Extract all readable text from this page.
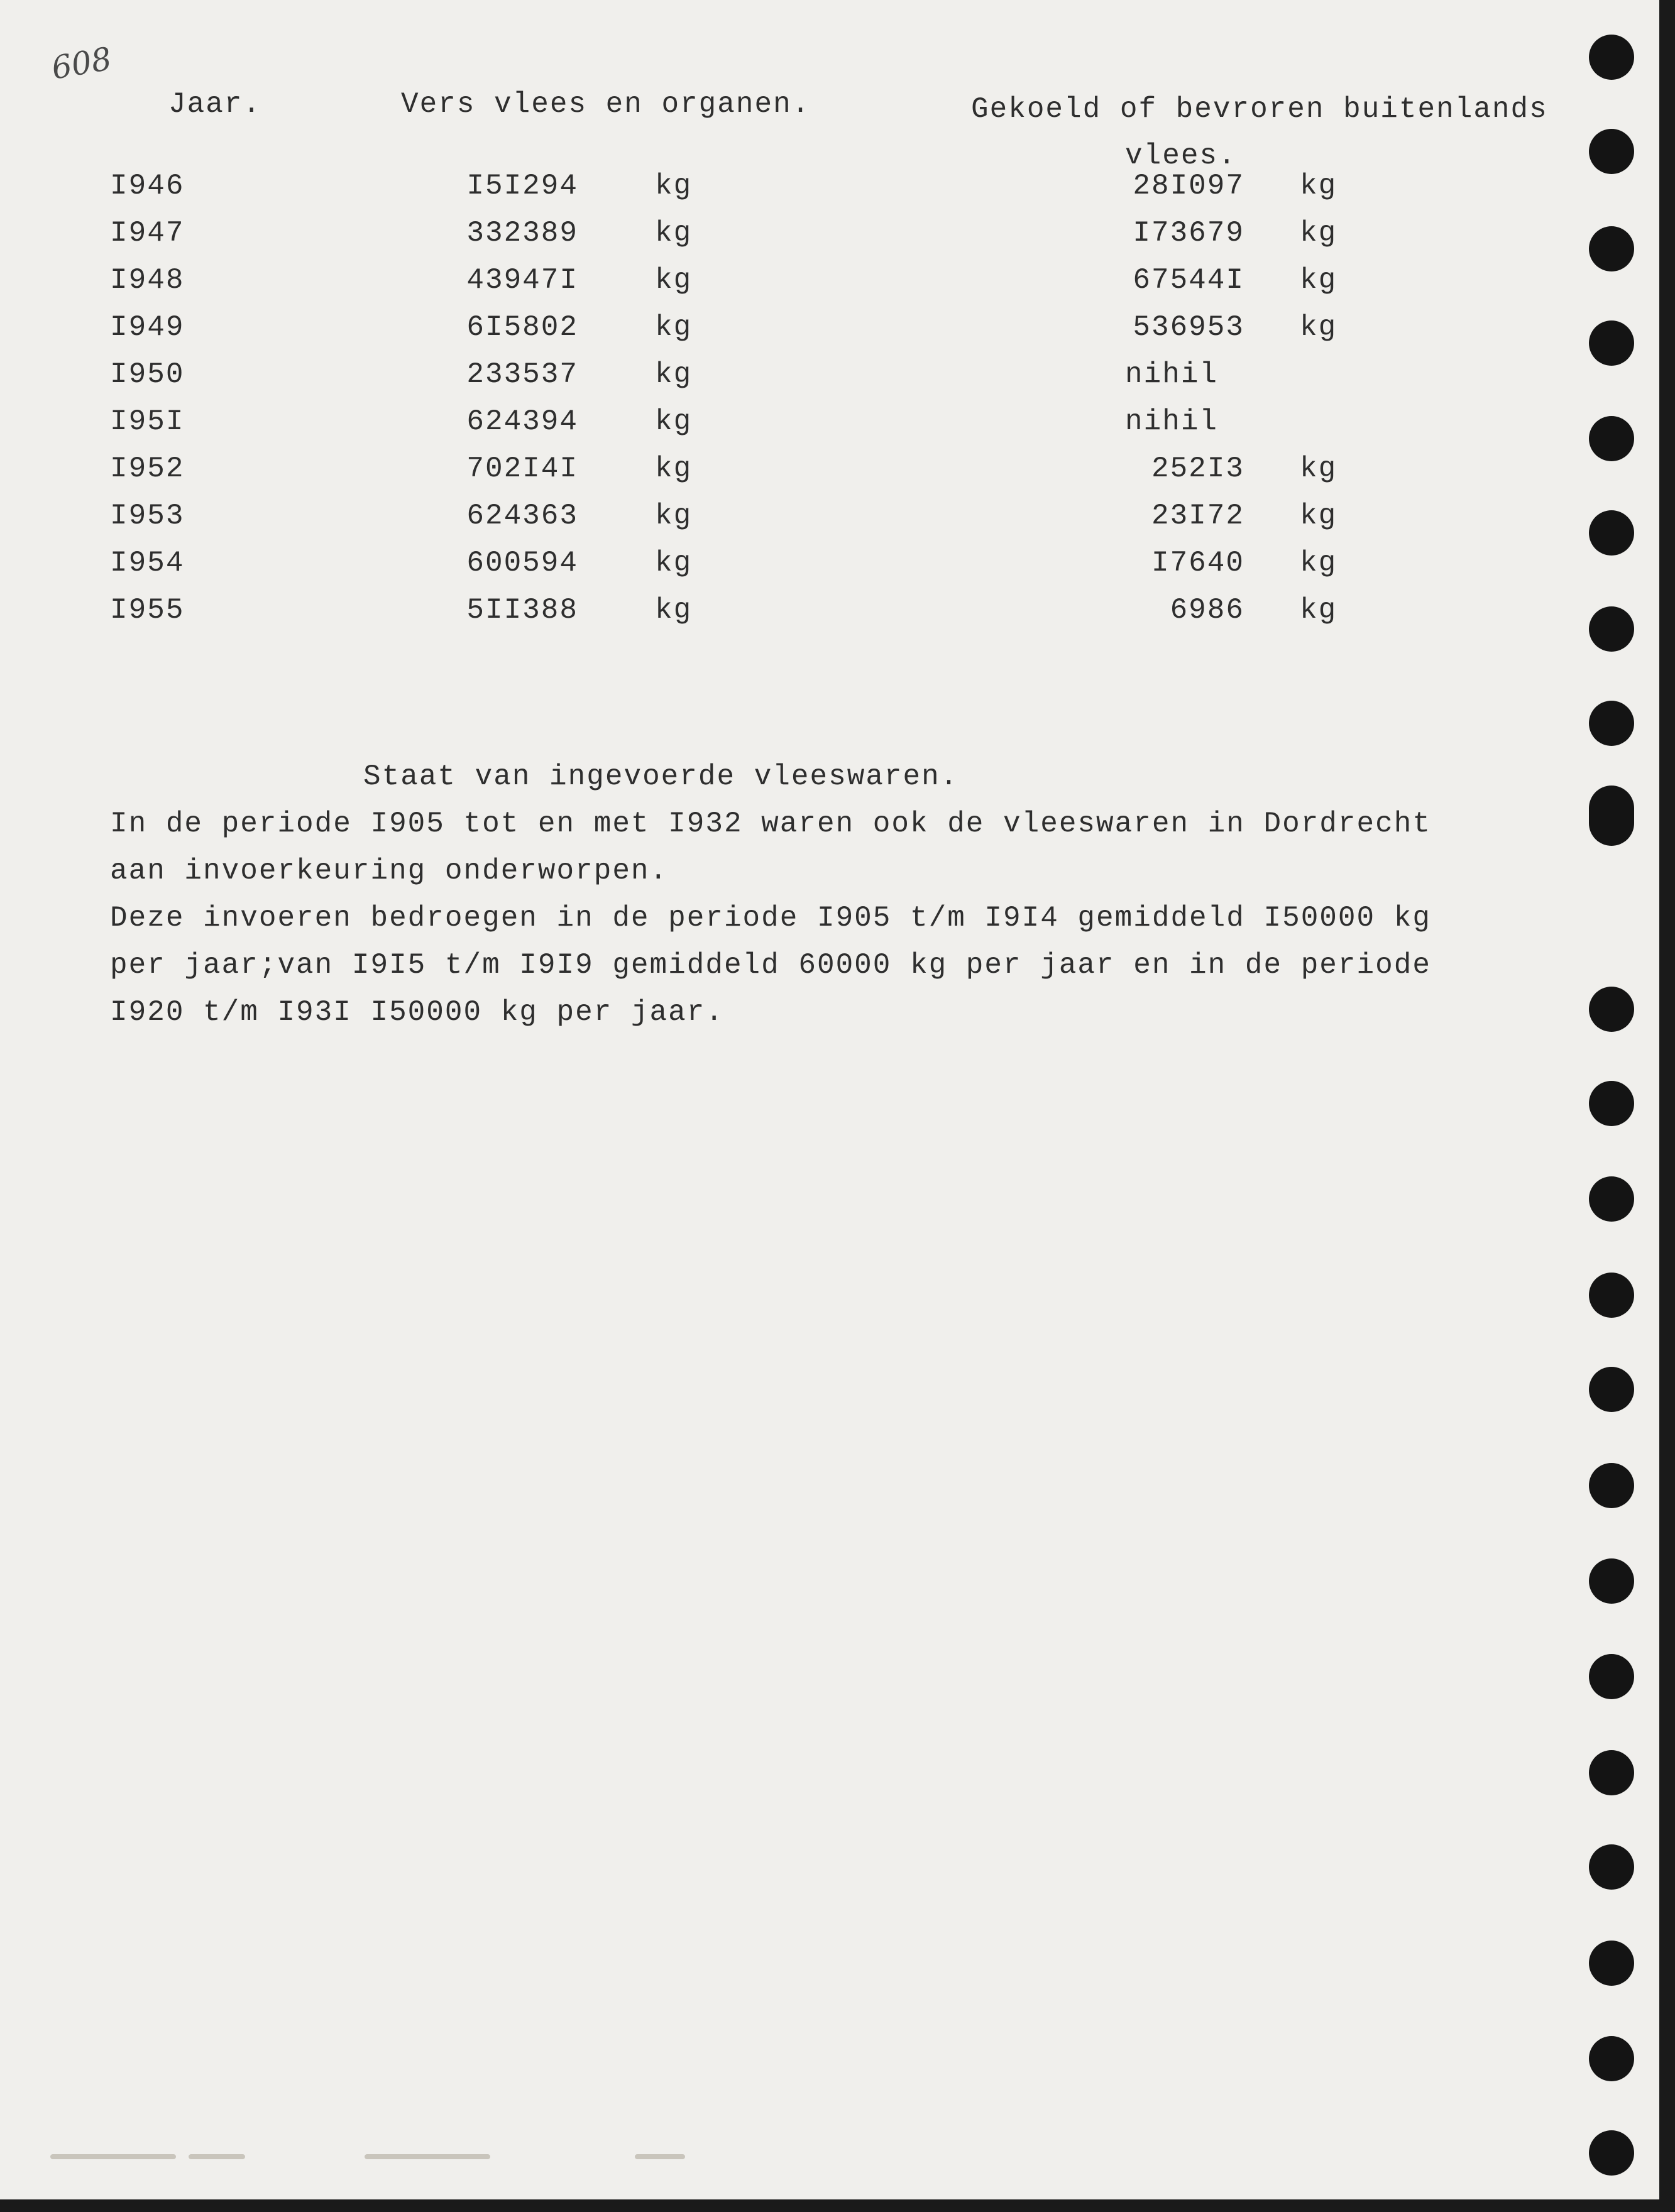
608
Jaar.	Vers vlees en organen.	Gekoeld of bevroren buitenlands
vlees.
I946	I5I294	kg	28I097 kg
I947	332389	kg	I73679 kg
I948	43947I	kg	67544I kg
I949	6I5802	kg	536953 kg
I950	233537	kg	nihil
I95I	624394	kg	nihil
I952	702I4I	kg	252I3 kg
I953	624363	kg	23I72 kg
I954	600594	kg	I7640 kg
I955	5II388	kg	6986 kg
Staat van ingevoerde vleeswaren.
In de periode I905 tot en met I932 waren ook de vleeswaren in Dordrecht
aan invoerkeuring onderworpen.
Deze invoeren bedroegen in de periode I905 t/m I9I4 gemiddeld I50000 kg
per jaar;van I9I5 t/m I9I9 gemiddeld 60000 kg per jaar en in de periode
I920 t/m I93I I50000 kg per jaar.
